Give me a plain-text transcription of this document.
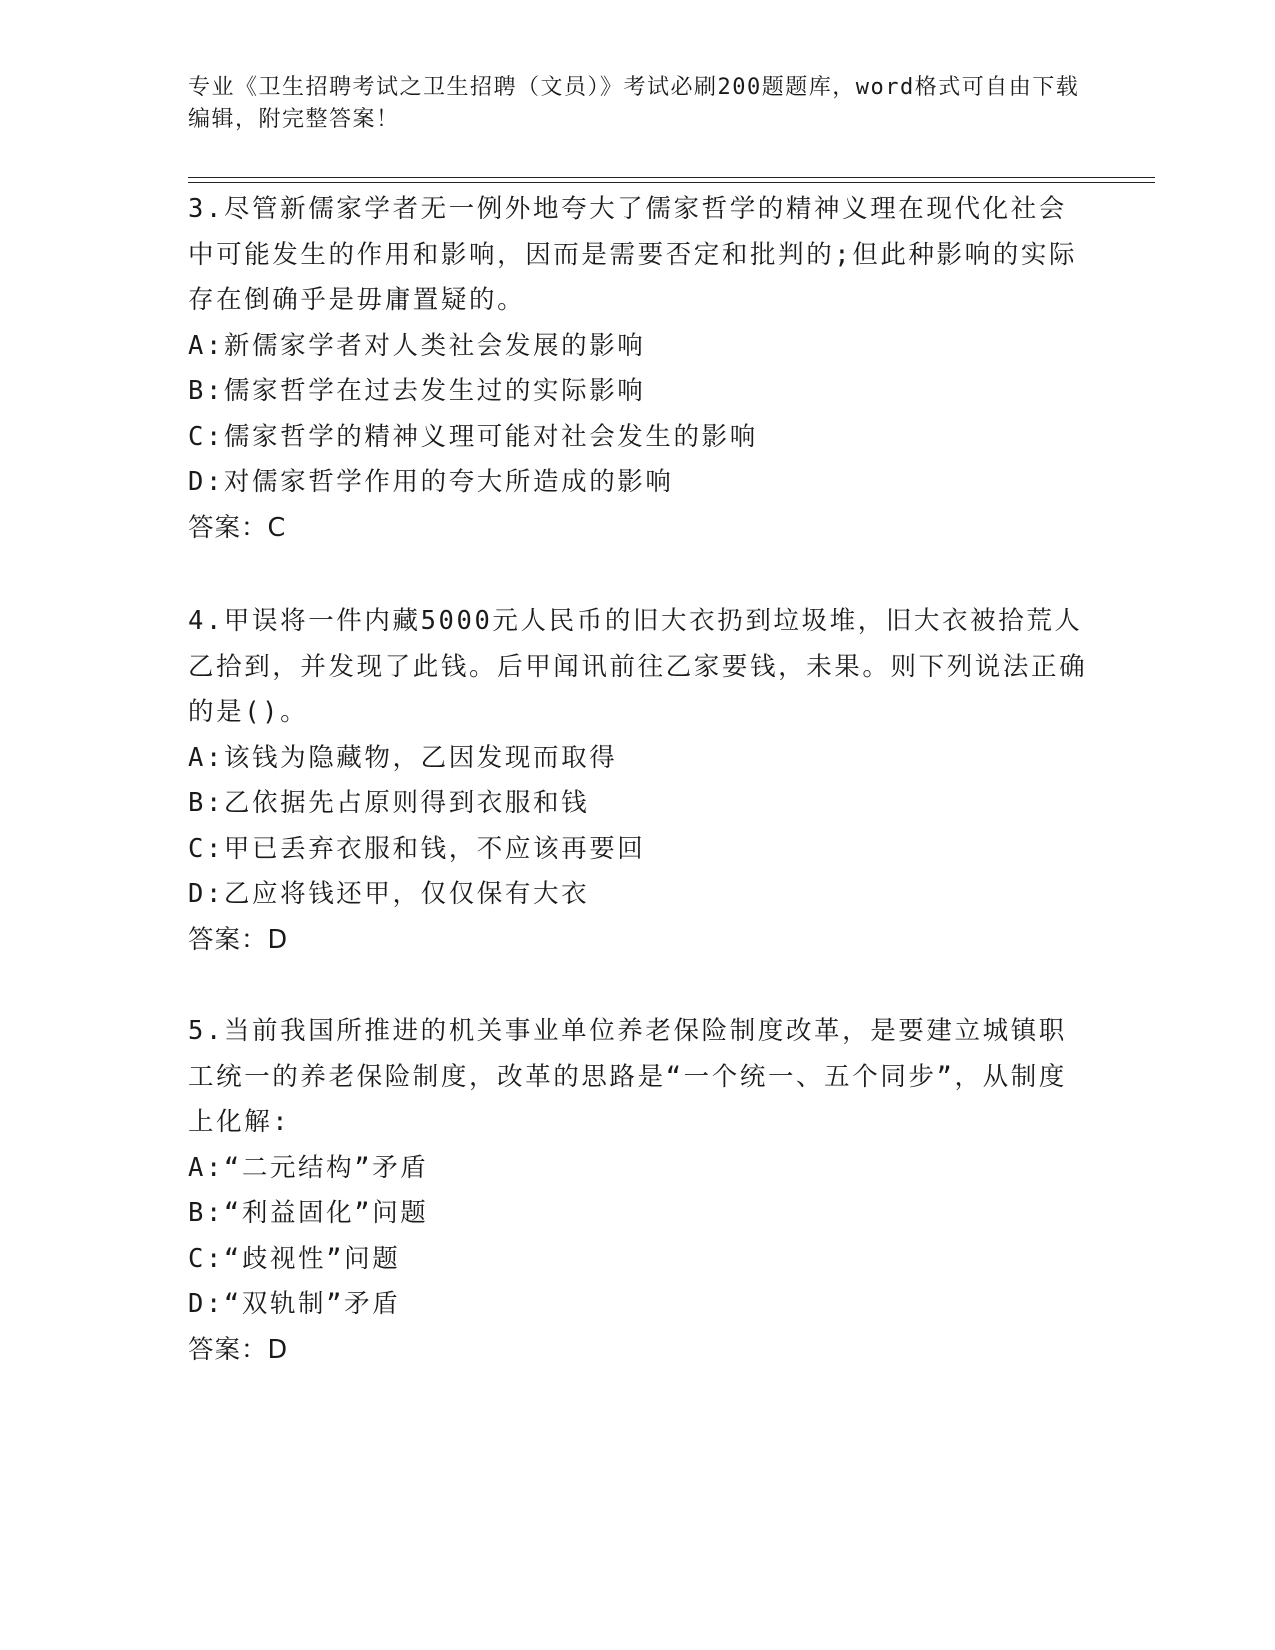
专业《卫生招聘考试之卫生招聘（文员）》考试必刷200题题库，word格式可自由下载编辑，附完整答案！

3.尽管新儒家学者无一例外地夸大了儒家哲学的精神义理在现代化社会中可能发生的作用和影响，因而是需要否定和批判的;但此种影响的实际存在倒确乎是毋庸置疑的。

A:新儒家学者对人类社会发展的影响

B:儒家哲学在过去发生过的实际影响

C:儒家哲学的精神义理可能对社会发生的影响

D:对儒家哲学作用的夸大所造成的影响

答案：C

4.甲误将一件内藏5000元人民币的旧大衣扔到垃圾堆，旧大衣被拾荒人乙拾到，并发现了此钱。后甲闻讯前往乙家要钱，未果。则下列说法正确的是()。

A:该钱为隐藏物，乙因发现而取得

B:乙依据先占原则得到衣服和钱

C:甲已丢弃衣服和钱，不应该再要回

D:乙应将钱还甲，仅仅保有大衣

答案：D

5.当前我国所推进的机关事业单位养老保险制度改革，是要建立城镇职工统一的养老保险制度，改革的思路是“一个统一、五个同步”，从制度上化解:

A:“二元结构”矛盾

B:“利益固化”问题

C:“歧视性”问题

D:“双轨制”矛盾

答案：D
